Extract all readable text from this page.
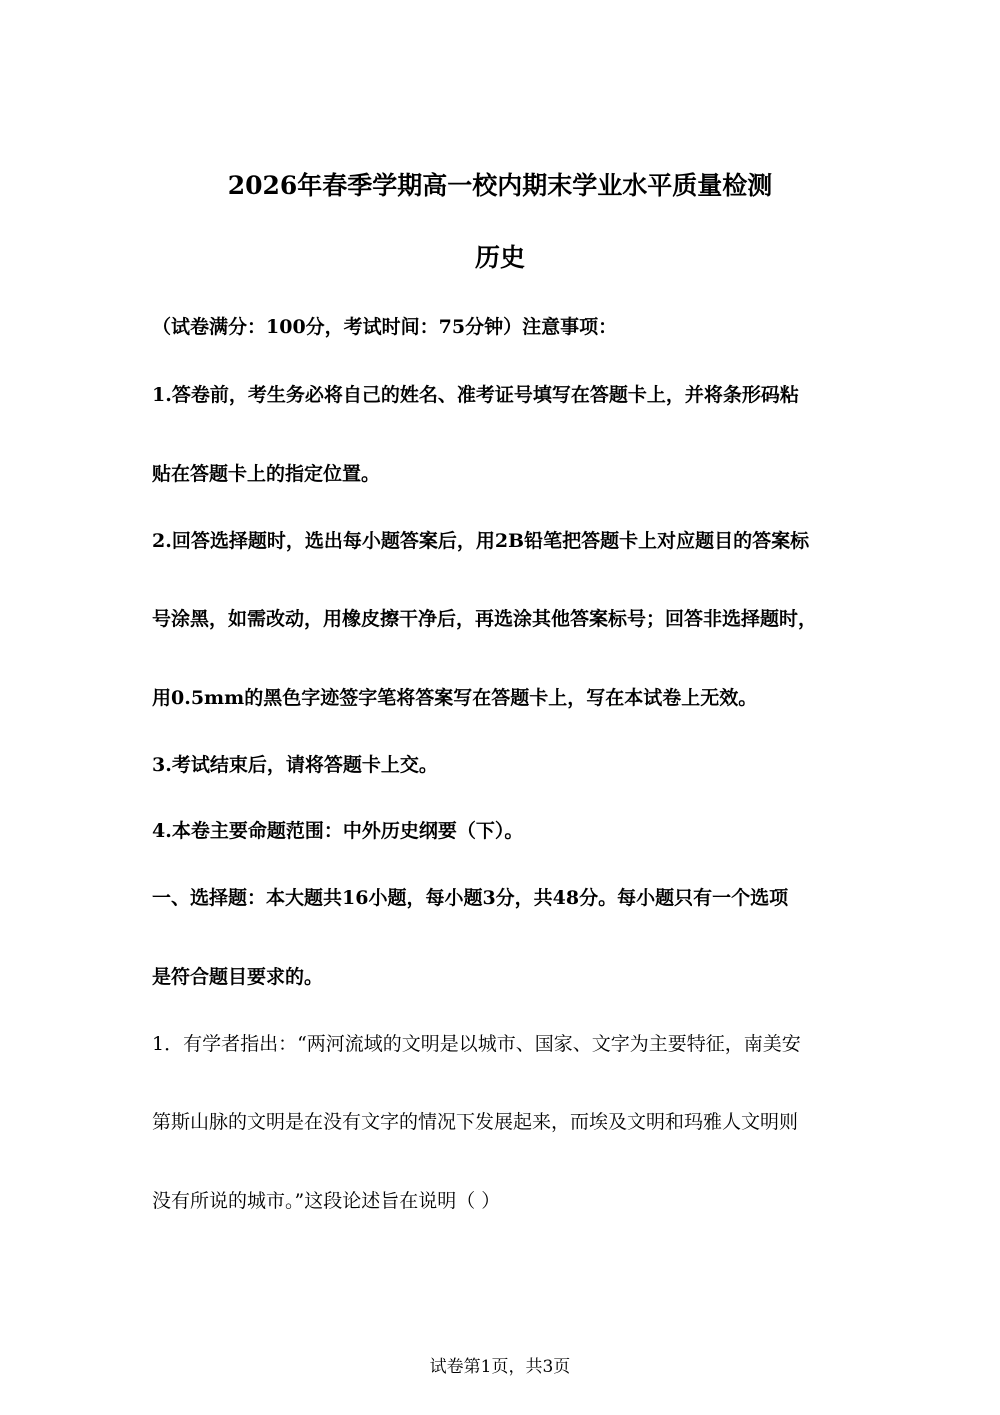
2026年春季学期高一校内期末学业水平质量检测
历史
（试卷满分：100分，考试时间：75分钟）注意事项：
1.答卷前，考生务必将自己的姓名、准考证号填写在答题卡上，并将条形码粘
贴在答题卡上的指定位置。
2.回答选择题时，选出每小题答案后，用2B铅笔把答题卡上对应题目的答案标
号涂黑，如需改动，用橡皮擦干净后，再选涂其他答案标号；回答非选择题时，
用0.5mm的黑色字迹签字笔将答案写在答题卡上，写在本试卷上无效。
3.考试结束后，请将答题卡上交。
4.本卷主要命题范围：中外历史纲要（下）。
一、选择题：本大题共16小题，每小题3分，共48分。每小题只有一个选项
是符合题目要求的。
1．有学者指出：“两河流域的文明是以城市、国家、文字为主要特征，南美安
第斯山脉的文明是在没有文字的情况下发展起来，而埃及文明和玛雅人文明则
没有所说的城市。”这段论述旨在说明（ ）
试卷第1页，共3页
